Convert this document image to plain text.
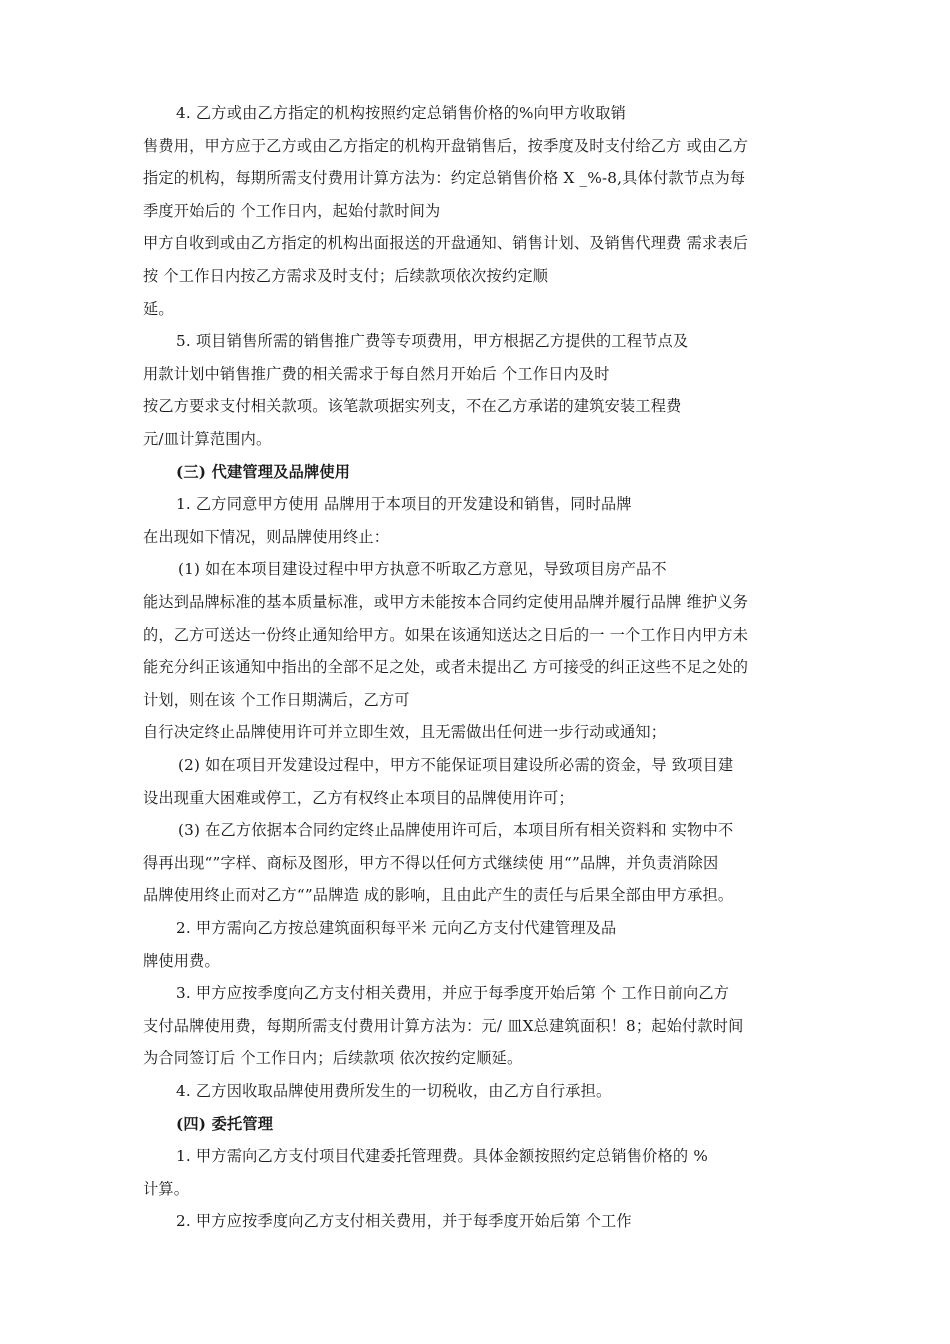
4. 乙方或由乙方指定的机构按照约定总销售价格的%向甲方收取销
售费用，甲方应于乙方或由乙方指定的机构开盘销售后，按季度及时支付给乙方 或由乙方
指定的机构，每期所需支付费用计算方法为：约定总销售价格 X _%-8,具体付款节点为每
季度开始后的 个工作日内，起始付款时间为
甲方自收到或由乙方指定的机构出面报送的开盘通知、销售计划、及销售代理费 需求表后
按 个工作日内按乙方需求及时支付；后续款项依次按约定顺
延。
5. 项目销售所需的销售推广费等专项费用，甲方根据乙方提供的工程节点及
用款计划中销售推广费的相关需求于每自然月开始后 个工作日内及时
按乙方要求支付相关款项。该笔款项据实列支，不在乙方承诺的建筑安装工程费
元/皿计算范围内。
(三) 代建管理及品牌使用
1. 乙方同意甲方使用 品牌用于本项目的开发建设和销售，同时品牌
在出现如下情况，则品牌使用终止：
(1) 如在本项目建设过程中甲方执意不听取乙方意见，导致项目房产品不
能达到品牌标准的基本质量标准，或甲方未能按本合同约定使用品牌并履行品牌 维护义务
的，乙方可送达一份终止通知给甲方。如果在该通知送达之日后的一 一个工作日内甲方未
能充分纠正该通知中指出的全部不足之处，或者未提出乙 方可接受的纠正这些不足之处的
计划，则在该 个工作日期满后，乙方可
自行决定终止品牌使用许可并立即生效，且无需做出任何进一步行动或通知；
(2) 如在项目开发建设过程中，甲方不能保证项目建设所必需的资金，导 致项目建
设出现重大困难或停工，乙方有权终止本项目的品牌使用许可；
(3) 在乙方依据本合同约定终止品牌使用许可后，本项目所有相关资料和 实物中不
得再出现“”字样、商标及图形，甲方不得以任何方式继续使 用“”品牌，并负责消除因
品牌使用终止而对乙方“”品牌造 成的影响，且由此产生的责任与后果全部由甲方承担。
2. 甲方需向乙方按总建筑面积每平米 元向乙方支付代建管理及品
牌使用费。
3. 甲方应按季度向乙方支付相关费用，并应于每季度开始后第 个 工作日前向乙方
支付品牌使用费，每期所需支付费用计算方法为：元/ 皿X总建筑面积！8；起始付款时间
为合同签订后 个工作日内；后续款项 依次按约定顺延。
4. 乙方因收取品牌使用费所发生的一切税收，由乙方自行承担。
(四) 委托管理
1. 甲方需向乙方支付项目代建委托管理费。具体金额按照约定总销售价格的 %
计算。
2. 甲方应按季度向乙方支付相关费用，并于每季度开始后第 个工作
